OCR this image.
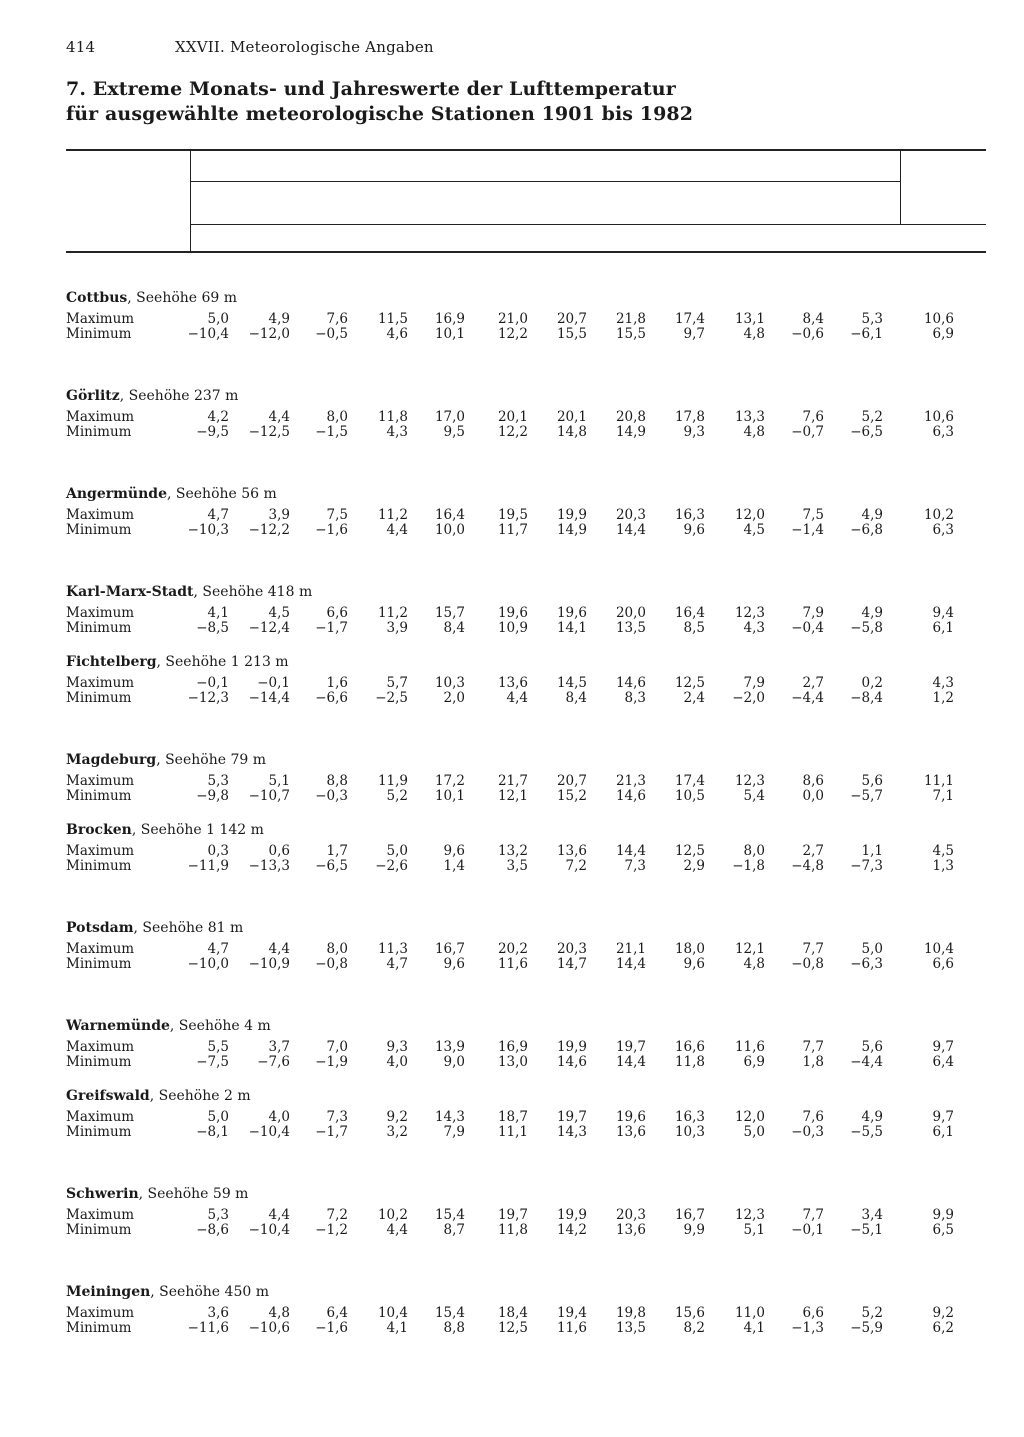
414	XXVII. Meteorologische Angaben
7. Extreme Monats- und Jahreswerte der Lufttemperatur
für ausgewählte meteorologische Stationen 1901 bis 1982
Cottbus, Seehöhe 69 m
Maximum	5,0	4,9	7,6	11,5	16,9	21,0	20,7	21,8	17,4	13,1	8,4	5,3	10,6
Minimum	−10,4	−12,0	−0,5	4,6	10,1	12,2	15,5	15,5	9,7	4,8	−0,6	−6,1	6,9
Görlitz, Seehöhe 237 m
Maximum	4,2	4,4	8,0	11,8	17,0	20,1	20,1	20,8	17,8	13,3	7,6	5,2	10,6
Minimum	−9,5	−12,5	−1,5	4,3	9,5	12,2	14,8	14,9	9,3	4,8	−0,7	−6,5	6,3
Angermünde, Seehöhe 56 m
Maximum	4,7	3,9	7,5	11,2	16,4	19,5	19,9	20,3	16,3	12,0	7,5	4,9	10,2
Minimum	−10,3	−12,2	−1,6	4,4	10,0	11,7	14,9	14,4	9,6	4,5	−1,4	−6,8	6,3
Karl-Marx-Stadt, Seehöhe 418 m
Maximum	4,1	4,5	6,6	11,2	15,7	19,6	19,6	20,0	16,4	12,3	7,9	4,9	9,4
Minimum	−8,5	−12,4	−1,7	3,9	8,4	10,9	14,1	13,5	8,5	4,3	−0,4	−5,8	6,1
Fichtelberg, Seehöhe 1 213 m
Maximum	−0,1	−0,1	1,6	5,7	10,3	13,6	14,5	14,6	12,5	7,9	2,7	0,2	4,3
Minimum	−12,3	−14,4	−6,6	−2,5	2,0	4,4	8,4	8,3	2,4	−2,0	−4,4	−8,4	1,2
Magdeburg, Seehöhe 79 m
Maximum	5,3	5,1	8,8	11,9	17,2	21,7	20,7	21,3	17,4	12,3	8,6	5,6	11,1
Minimum	−9,8	−10,7	−0,3	5,2	10,1	12,1	15,2	14,6	10,5	5,4	0,0	−5,7	7,1
Brocken, Seehöhe 1 142 m
Maximum	0,3	0,6	1,7	5,0	9,6	13,2	13,6	14,4	12,5	8,0	2,7	1,1	4,5
Minimum	−11,9	−13,3	−6,5	−2,6	1,4	3,5	7,2	7,3	2,9	−1,8	−4,8	−7,3	1,3
Potsdam, Seehöhe 81 m
Maximum	4,7	4,4	8,0	11,3	16,7	20,2	20,3	21,1	18,0	12,1	7,7	5,0	10,4
Minimum	−10,0	−10,9	−0,8	4,7	9,6	11,6	14,7	14,4	9,6	4,8	−0,8	−6,3	6,6
Warnemünde, Seehöhe 4 m
Maximum	5,5	3,7	7,0	9,3	13,9	16,9	19,9	19,7	16,6	11,6	7,7	5,6	9,7
Minimum	−7,5	−7,6	−1,9	4,0	9,0	13,0	14,6	14,4	11,8	6,9	1,8	−4,4	6,4
Greifswald, Seehöhe 2 m
Maximum	5,0	4,0	7,3	9,2	14,3	18,7	19,7	19,6	16,3	12,0	7,6	4,9	9,7
Minimum	−8,1	−10,4	−1,7	3,2	7,9	11,1	14,3	13,6	10,3	5,0	−0,3	−5,5	6,1
Schwerin, Seehöhe 59 m
Maximum	5,3	4,4	7,2	10,2	15,4	19,7	19,9	20,3	16,7	12,3	7,7	3,4	9,9
Minimum	−8,6	−10,4	−1,2	4,4	8,7	11,8	14,2	13,6	9,9	5,1	−0,1	−5,1	6,5
Meiningen, Seehöhe 450 m
Maximum	3,6	4,8	6,4	10,4	15,4	18,4	19,4	19,8	15,6	11,0	6,6	5,2	9,2
Minimum	−11,6	−10,6	−1,6	4,1	8,8	12,5	11,6	13,5	8,2	4,1	−1,3	−5,9	6,2
